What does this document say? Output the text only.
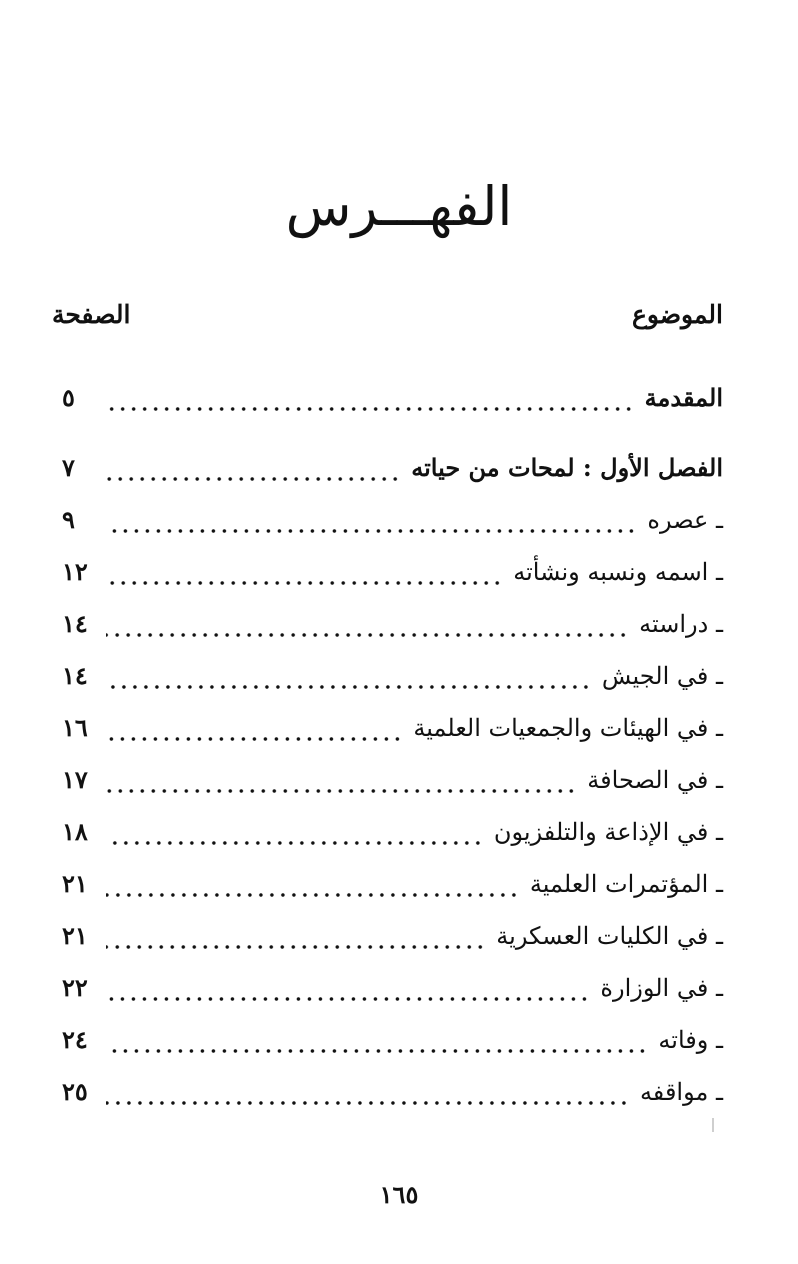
الفهـــرس
الموضوع
الصفحة
المقدمة
٥
الفصل الأول : لمحات من حياته
٧
ـ عصره
٩
ـ اسمه ونسبه ونشأته
١٢
ـ دراسته
١٤
ـ في الجيش
١٤
ـ في الهيئات والجمعيات العلمية
١٦
ـ في الصحافة
١٧
ـ في الإذاعة والتلفزيون
١٨
ـ المؤتمرات العلمية
٢١
ـ في الكليات العسكرية
٢١
ـ في الوزارة
٢٢
ـ وفاته
٢٤
ـ مواقفه
٢٥
١٦٥
